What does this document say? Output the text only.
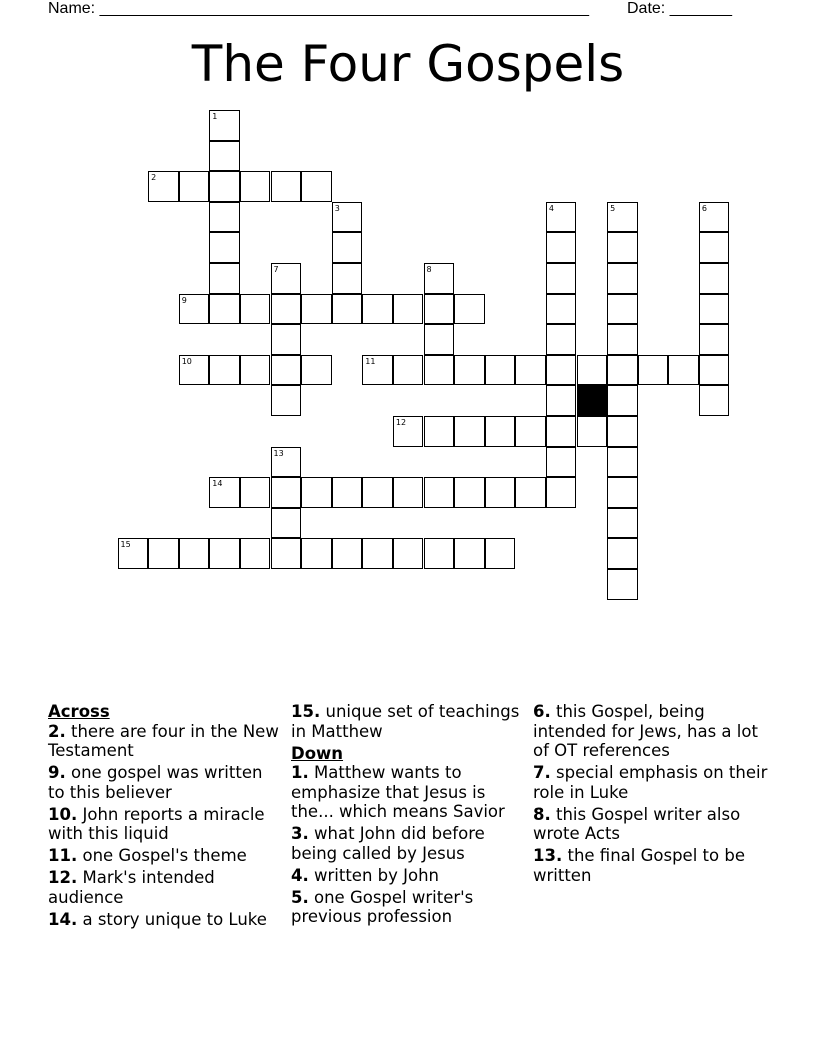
Name: _______________________________________________________ Date: _______
The Four Gospels
1
2
3	4	5	6
7	8
9
10	11
12
13
14
15
Across
2. there are four in the New Testament
9. one gospel was written to this believer
10. John reports a miracle with this liquid
11. one Gospel's theme
12. Mark's intended audience
14. a story unique to Luke
15. unique set of teachings in Matthew
Down
1. Matthew wants to emphasize that Jesus is the... which means Savior
3. what John did before being called by Jesus
4. written by John
5. one Gospel writer's previous profession
6. this Gospel, being intended for Jews, has a lot of OT references
7. special emphasis on their role in Luke
8. this Gospel writer also wrote Acts
13. the final Gospel to be written
